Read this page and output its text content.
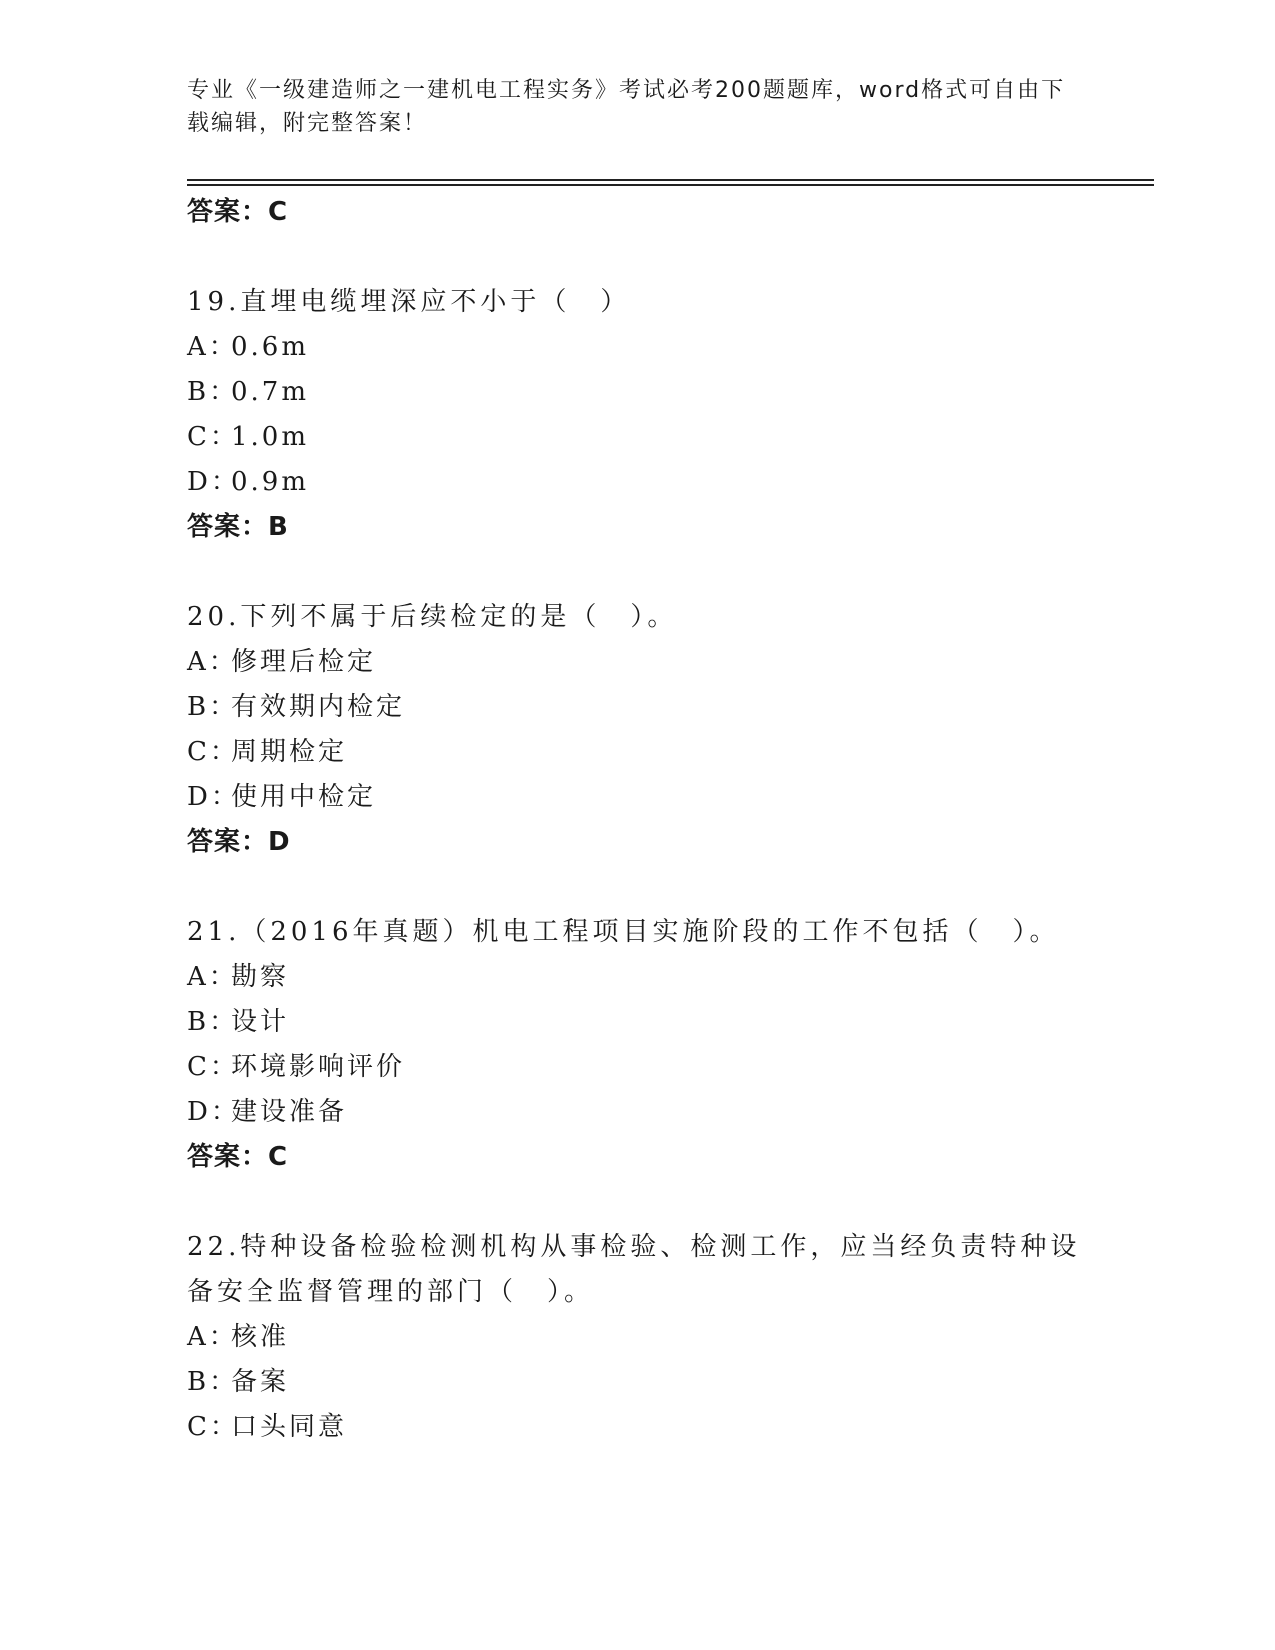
专业《一级建造师之一建机电工程实务》考试必考200题题库，word格式可自由下载编辑，附完整答案！
答案：C
19.直埋电缆埋深应不小于（　）
A：0.6m
B：0.7m
C：1.0m
D：0.9m
答案：B
20.下列不属于后续检定的是（　）。
A：修理后检定
B：有效期内检定
C：周期检定
D：使用中检定
答案：D
21.（2016年真题）机电工程项目实施阶段的工作不包括（　）。
A：勘察
B：设计
C：环境影响评价
D：建设准备
答案：C
22.特种设备检验检测机构从事检验、检测工作，应当经负责特种设备安全监督管理的部门（　）。
A：核准
B：备案
C：口头同意
